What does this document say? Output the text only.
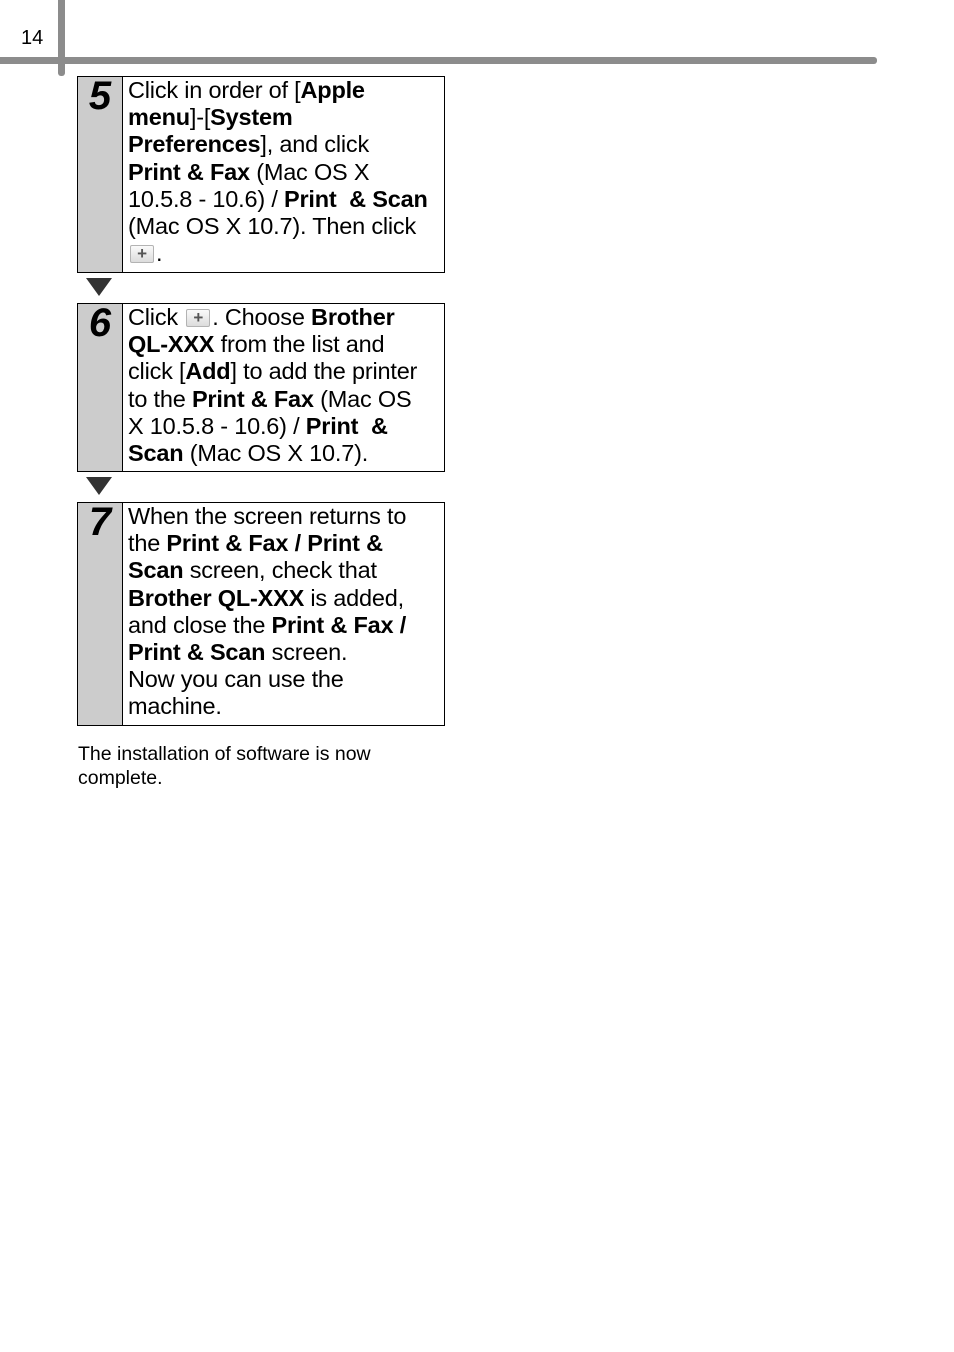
14
5 Click in order of [Apple
menu]-[System
Preferences], and click
Print & Fax (Mac OS X
10.5.8 - 10.6) / Print  & Scan
(Mac OS X 10.7). Then click
+.
6 Click +. Choose Brother
QL-XXX from the list and
click [Add] to add the printer
to the Print & Fax (Mac OS
X 10.5.8 - 10.6) / Print  &
Scan (Mac OS X 10.7).
7 When the screen returns to
the Print & Fax / Print &
Scan screen, check that
Brother QL-XXX is added,
and close the Print & Fax /
Print & Scan screen.
Now you can use the
machine.
The installation of software is now complete.
